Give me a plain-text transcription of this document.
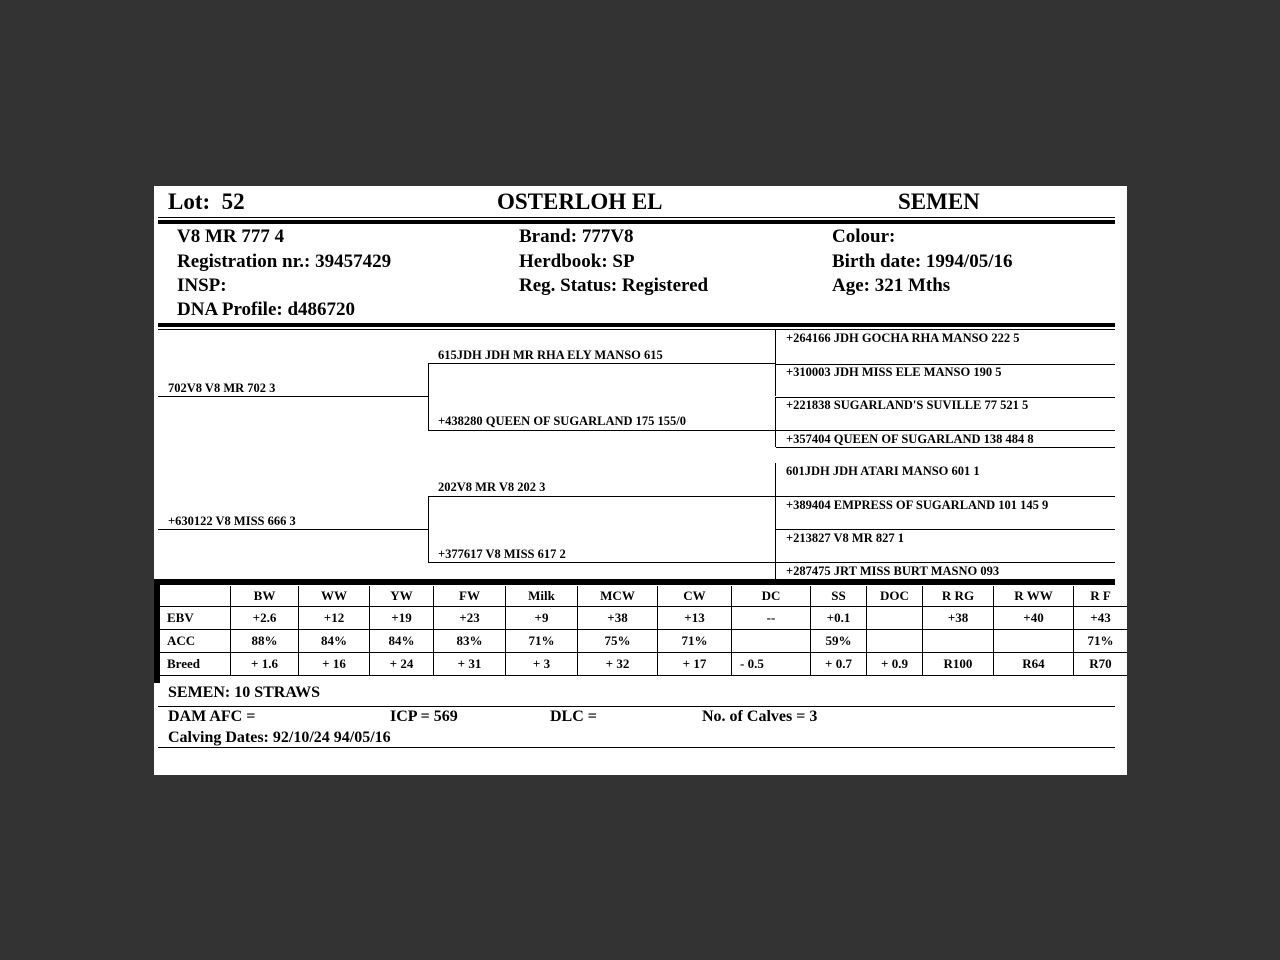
Lot: 52	OSTERLOH EL	SEMEN
V8 MR 777 4
Registration nr.: 39457429
INSP:
DNA Profile: d486720
Brand: 777V8
Herdbook: SP
Reg. Status: Registered
Colour:
Birth date: 1994/05/16
Age: 321 Mths
702V8 V8 MR 702 3
+630122 V8 MISS 666 3
615JDH JDH MR RHA ELY MANSO 615
+438280 QUEEN OF SUGARLAND 175 155/0
202V8 MR V8 202 3
+377617 V8 MISS 617 2
+264166 JDH GOCHA RHA MANSO 222 5
+310003 JDH MISS ELE MANSO 190 5
+221838 SUGARLAND'S SUVILLE 77 521 5
+357404 QUEEN OF SUGARLAND 138 484 8
601JDH JDH ATARI MANSO 601 1
+389404 EMPRESS OF SUGARLAND 101 145 9
+213827 V8 MR 827 1
+287475 JRT MISS BURT MASNO 093
	BW	WW	YW	FW	Milk	MCW	CW	DC	SS	DOC	R RG	R WW	R F
EBV	+2.6	+12	+19	+23	+9	+38	+13	--	+0.1		+38	+40	+43
ACC	88%	84%	84%	83%	71%	75%	71%		59%				71%
Breed	+ 1.6	+ 16	+ 24	+ 31	+ 3	+ 32	+ 17	- 0.5	+ 0.7	+ 0.9	R100	R64	R70
SEMEN: 10 STRAWS
DAM AFC =	ICP = 569	DLC =	No. of Calves = 3
Calving Dates: 92/10/24 94/05/16
